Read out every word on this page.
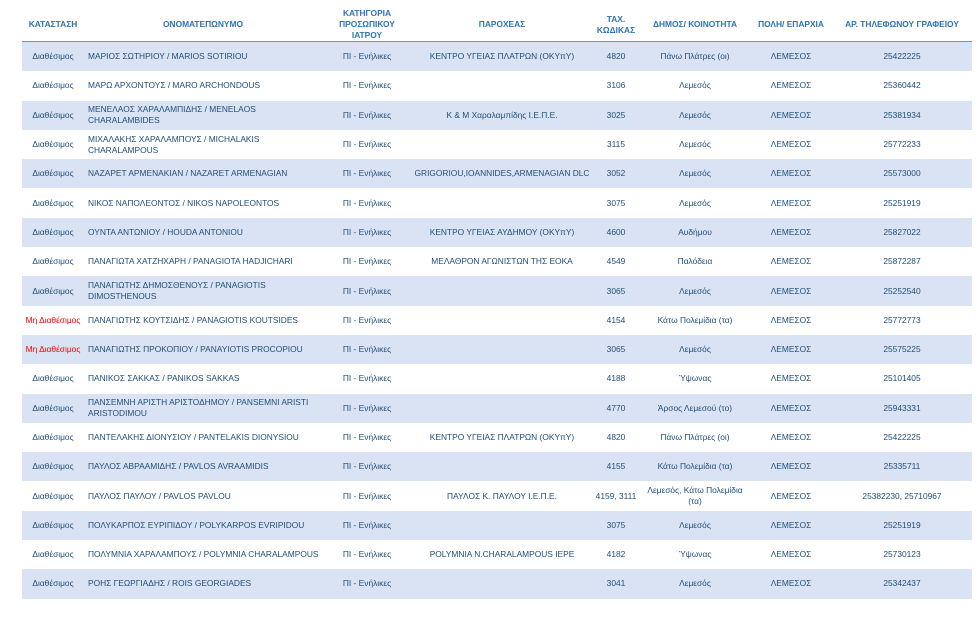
ΚΑΤΑΣΤΑΣΗ	ΟΝΟΜΑΤΕΠΩΝΥΜΟ	ΚΑΤΗΓΟΡΙΑ ΠΡΟΣΩΠΙΚΟΥ ΙΑΤΡΟΥ	ΠΑΡΟΧΕΑΣ	ΤΑΧ. ΚΩΔΙΚΑΣ	ΔΗΜΟΣ/ ΚΟΙΝΟΤΗΤΑ	ΠΟΛΗ/ ΕΠΑΡΧΙΑ	ΑΡ. ΤΗΛΕΦΩΝΟΥ ΓΡΑΦΕΙΟΥ
Διαθέσιμος	ΜΑΡΙΟΣ ΣΩΤΗΡΙΟΥ / MARIOS SOTIRIOU	ΠΙ - Ενήλικες	ΚΕΝΤΡΟ ΥΓΕΙΑΣ ΠΛΑΤΡΩΝ (ΟΚΥπΥ)	4820	Πάνω Πλάτρες (οι)	ΛΕΜΕΣΟΣ	25422225
Διαθέσιμος	ΜΑΡΩ ΑΡΧΟΝΤΟΥΣ / MARO ARCHONDOUS	ΠΙ - Ενήλικες		3106	Λεμεσός	ΛΕΜΕΣΟΣ	25360442
Διαθέσιμος	ΜΕΝΕΛΑΟΣ ΧΑΡΑΛΑΜΠΙΔΗΣ / MENELAOS CHARALAMBIDES	ΠΙ - Ενήλικες	Κ & Μ Χαραλαμπίδης Ι.Ε.Π.Ε.	3025	Λεμεσός	ΛΕΜΕΣΟΣ	25381934
Διαθέσιμος	ΜΙΧΑΛΑΚΗΣ ΧΑΡΑΛΑΜΠΟΥΣ / MICHALAKIS CHARALAMPOUS	ΠΙ - Ενήλικες		3115	Λεμεσός	ΛΕΜΕΣΟΣ	25772233
Διαθέσιμος	ΝΑΖΑΡΕΤ ΑΡΜΕΝΑΚΙΑΝ / NAZARET ARMENAGIAN	ΠΙ - Ενήλικες	GRIGORIOU,IOANNIDES,ARMENAGIAN DLC	3052	Λεμεσός	ΛΕΜΕΣΟΣ	25573000
Διαθέσιμος	ΝΙΚΟΣ ΝΑΠΟΛΕΟΝΤΟΣ / NIKOS NAPOLEONTOS	ΠΙ - Ενήλικες		3075	Λεμεσός	ΛΕΜΕΣΟΣ	25251919
Διαθέσιμος	ΟΥΝΤΑ ΑΝΤΩΝΙΟΥ / HOUDA ANTONIOU	ΠΙ - Ενήλικες	ΚΕΝΤΡΟ ΥΓΕΙΑΣ ΑΥΔΗΜΟΥ (ΟΚΥπΥ)	4600	Αυδήμου	ΛΕΜΕΣΟΣ	25827022
Διαθέσιμος	ΠΑΝΑΓΙΩΤΑ ΧΑΤΖΗΧΑΡΗ / PANAGIOTA HADJICHARI	ΠΙ - Ενήλικες	ΜΕΛΑΘΡΟΝ ΑΓΩΝΙΣΤΩΝ ΤΗΣ ΕΟΚΑ	4549	Παλόδεια	ΛΕΜΕΣΟΣ	25872287
Διαθέσιμος	ΠΑΝΑΓΙΩΤΗΣ ΔΗΜΟΣΘΕΝΟΥΣ / PANAGIOTIS DIMOSTHENOUS	ΠΙ - Ενήλικες		3065	Λεμεσός	ΛΕΜΕΣΟΣ	25252540
Μη Διαθέσιμος	ΠΑΝΑΓΙΩΤΗΣ ΚΟΥΤΣΙΔΗΣ / PANAGIOTIS KOUTSIDES	ΠΙ - Ενήλικες		4154	Κάτω Πολεμίδια (τα)	ΛΕΜΕΣΟΣ	25772773
Μη Διαθέσιμος	ΠΑΝΑΓΙΩΤΗΣ ΠΡΟΚΟΠΙΟΥ / PANAYIOTIS PROCOPIOU	ΠΙ - Ενήλικες		3065	Λεμεσός	ΛΕΜΕΣΟΣ	25575225
Διαθέσιμος	ΠΑΝΙΚΟΣ ΣΑΚΚΑΣ / PANIKOS SAKKAS	ΠΙ - Ενήλικες		4188	Ύψωνας	ΛΕΜΕΣΟΣ	25101405
Διαθέσιμος	ΠΑΝΣΕΜΝΗ ΑΡΙΣΤΗ ΑΡΙΣΤΟΔΗΜΟΥ / PANSEMNI ARISTI ARISTODIMOU	ΠΙ - Ενήλικες		4770	Άρσος Λεμεσού (το)	ΛΕΜΕΣΟΣ	25943331
Διαθέσιμος	ΠΑΝΤΕΛΑΚΗΣ ΔΙΟΝΥΣΙΟΥ / PANTELAKIS DIONYSIOU	ΠΙ - Ενήλικες	ΚΕΝΤΡΟ ΥΓΕΙΑΣ ΠΛΑΤΡΩΝ (ΟΚΥπΥ)	4820	Πάνω Πλάτρες (οι)	ΛΕΜΕΣΟΣ	25422225
Διαθέσιμος	ΠΑΥΛΟΣ ΑΒΡΑΑΜΙΔΗΣ / PAVLOS AVRAAMIDIS	ΠΙ - Ενήλικες		4155	Κάτω Πολεμίδια (τα)	ΛΕΜΕΣΟΣ	25335711
Διαθέσιμος	ΠΑΥΛΟΣ ΠΑΥΛΟΥ / PAVLOS PAVLOU	ΠΙ - Ενήλικες	ΠΑΥΛΟΣ Κ. ΠΑΥΛΟΥ Ι.Ε.Π.Ε.	4159, 3111	Λεμεσός, Κάτω Πολεμίδια (τα)	ΛΕΜΕΣΟΣ	25382230, 25710967
Διαθέσιμος	ΠΟΛΥΚΑΡΠΟΣ ΕΥΡΙΠΙΔΟΥ / POLYKARPOS EVRIPIDOU	ΠΙ - Ενήλικες		3075	Λεμεσός	ΛΕΜΕΣΟΣ	25251919
Διαθέσιμος	ΠΟΛΥΜΝΙΑ ΧΑΡΑΛΑΜΠΟΥΣ / POLYMNIA CHARALAMPOUS	ΠΙ - Ενήλικες	POLYMNIA N.CHARALAMPOUS IEPE	4182	Ύψωνας	ΛΕΜΕΣΟΣ	25730123
Διαθέσιμος	ΡΟΗΣ ΓΕΩΡΓΙΑΔΗΣ / ROIS GEORGIADES	ΠΙ - Ενήλικες		3041	Λεμεσός	ΛΕΜΕΣΟΣ	25342437
